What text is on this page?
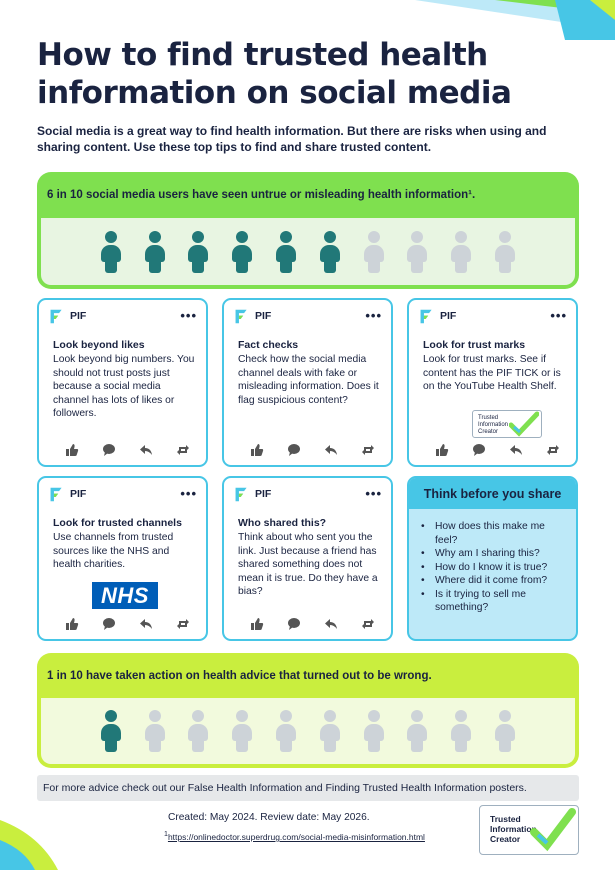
How to find trusted health information on social media

Social media is a great way to find health information. But there are risks when using and sharing content. Use these top tips to find and share trusted content.

6 in 10 social media users have seen untrue or misleading health information¹.
PIF	•••
Look beyond likes
Look beyond big numbers. You should not trust posts just because a social media channel has lots of likes or followers.
PIF	•••
Fact checks
Check how the social media channel deals with fake or misleading information. Does it flag suspicious content?
PIF	•••
Look for trust marks
Look for trust marks. See if content has the PIF TICK or is on the YouTube Health Shelf.
Trusted
Information
Creator
PIF	•••
Look for trusted channels
Use channels from trusted sources like the NHS and health charities.
NHS
PIF	•••
Who shared this?
Think about who sent you the link. Just because a friend has shared something does not mean it is true. Do they have a bias?
Think before you share
• How does this make me feel?
• Why am I sharing this?
• How do I know it is true?
• Where did it come from?
• Is it trying to sell me something?
1 in 10 have taken action on health advice that turned out to be wrong.
For more advice check out our False Health Information and Finding Trusted Health Information posters.
Created: May 2024. Review date: May 2026.
$^1$https://onlinedoctor.superdrug.com/social-media-misinformation.html
Trusted
Information
Creator
